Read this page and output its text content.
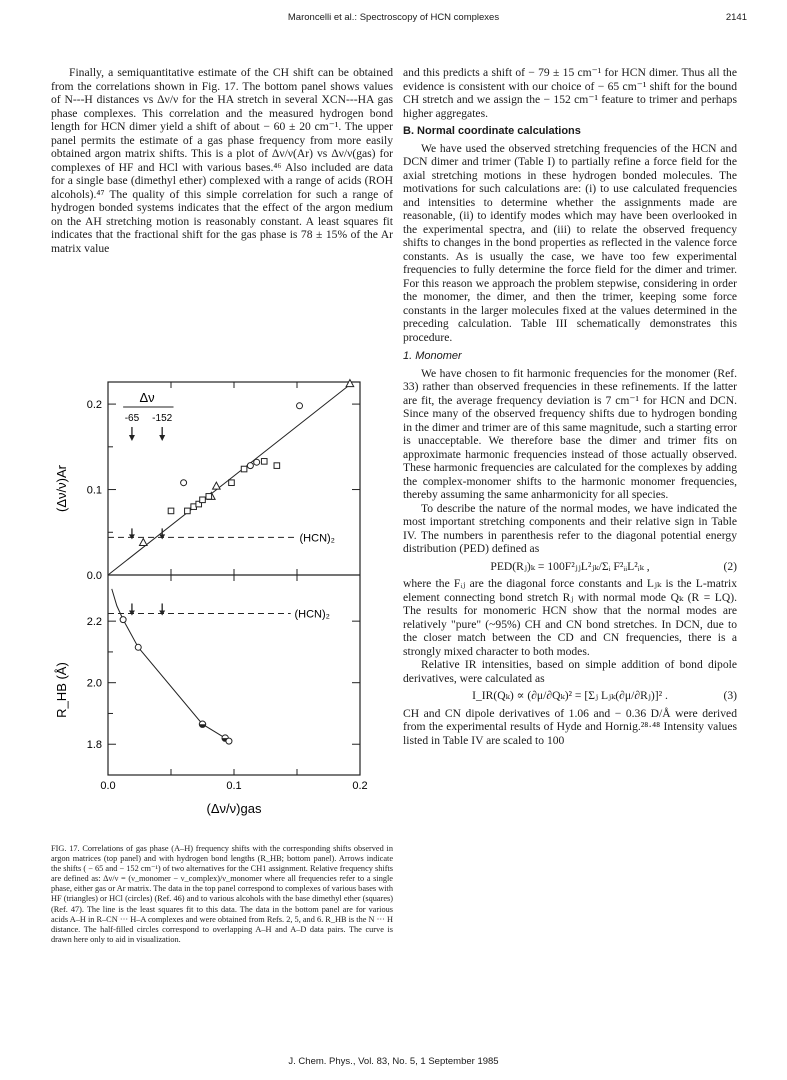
Maroncelli et al.: Spectroscopy of HCN complexes	2141

Finally, a semiquantitative estimate of the CH shift can be obtained from the correlations shown in Fig. 17. The bottom panel shows values of N---H distances vs Δν/ν for the HA stretch in several XCN---HA gas phase complexes. This correlation and the measured hydrogen bond length for HCN dimer yield a shift of about − 60 ± 20 cm⁻¹. The upper panel permits the estimate of a gas phase frequency from more easily obtained argon matrix shifts. This is a plot of Δν/ν(Ar) vs Δν/ν(gas) for complexes of HF and HCl with various bases.⁴⁶ Also included are data for a single base (dimethyl ether) complexed with a range of acids (ROH alcohols).⁴⁷ The quality of this simple correlation for such a range of hydrogen bonded systems indicates that the effect of the argon medium on the AH stretching motion is reasonably constant. A least squares fit indicates that the fractional shift for the gas phase is 78 ± 15% of the Ar matrix value

0.0
0.1
0.2
1.8
2.0
2.2
0.0	0.1	0.2
(Δν/ν)Ar
R_HB (Å)
(Δν/ν)gas
Δν
-65 -152
(HCN)₂
(HCN)₂

FIG. 17. Correlations of gas phase (A–H) frequency shifts with the corresponding shifts observed in argon matrices (top panel) and with hydrogen bond lengths (R_HB; bottom panel). Arrows indicate the shifts ( − 65 and − 152 cm⁻¹) of two alternatives for the CH1 assignment. Relative frequency shifts are defined as: Δν/ν = (ν_monomer − ν_complex)/ν_monomer where all frequencies refer to a single phase, either gas or Ar matrix. The data in the top panel correspond to complexes of various bases with HF (triangles) or HCl (circles) (Ref. 46) and to various alcohols with the base dimethyl ether (squares) (Ref. 47). The line is the least squares fit to this data. The data in the bottom panel are for various acids A–H in R–CN ··· H–A complexes and were obtained from Refs. 2, 5, and 6. R_HB is the N ··· H distance. The half-filled circles correspond to overlapping A–H and A–D data pairs. The curve is drawn here only to aid in visualization.

and this predicts a shift of − 79 ± 15 cm⁻¹ for HCN dimer. Thus all the evidence is consistent with our choice of − 65 cm⁻¹ shift for the bound CH stretch and we assign the − 152 cm⁻¹ feature to trimer and perhaps higher aggregates.

B. Normal coordinate calculations

We have used the observed stretching frequencies of the HCN and DCN dimer and trimer (Table I) to partially refine a force field for the axial stretching motions in these hydrogen bonded molecules. The motivations for such calculations are: (i) to use calculated frequencies and intensities to determine whether the assignments made are reasonable, (ii) to identify modes which may have been overlooked in the experimental spectra, and (iii) to relate the observed frequency shifts to changes in the bond properties as reflected in the valence force constants. As is usually the case, we have too few experimental frequencies to fully determine the force field for the dimer and trimer. For this reason we approach the problem stepwise, considering in order the monomer, the dimer, and then the trimer, keeping some force constants in the larger molecules fixed at the values determined in the preceding calculation. Table III schematically demonstrates this procedure.

1. Monomer

We have chosen to fit harmonic frequencies for the monomer (Ref. 33) rather than observed frequencies in these refinements. If the latter are fit, the average frequency deviation is 7 cm⁻¹ for HCN and DCN. Since many of the observed frequency shifts due to hydrogen bonding in the dimer and trimer are of this same magnitude, such a starting error is unacceptable. We therefore base the dimer and trimer fits on approximate harmonic frequencies instead of those actually observed. These harmonic frequencies are calculated for the complexes by adding the complex-monomer shifts to the harmonic monomer frequencies, thereby assuming the same anharmonicity for all species.

To describe the nature of the normal modes, we have indicated the most important stretching components and their relative sign in Table IV. The numbers in parenthesis refer to the diagonal potential energy distribution (PED) defined as

PED(Rⱼ)ₖ = 100F²ⱼⱼL²ⱼₖ/Σᵢ F²ᵢᵢL²ᵢₖ ,	(2)

where the Fᵢⱼ are the diagonal force constants and Lⱼₖ is the L-matrix element connecting bond stretch Rⱼ with normal mode Qₖ (R = LQ). The results for monomeric HCN show that the normal modes are relatively "pure" (~95%) CH and CN bond stretches. In DCN, due to the closer match between the CD and CN frequencies, there is a strongly mixed character to both modes.

Relative IR intensities, based on simple addition of bond dipole derivatives, were calculated as

I_IR(Qₖ) ∝ (∂μ/∂Qₖ)² = [Σⱼ Lⱼₖ(∂μ/∂Rⱼ)]² .	(3)

CH and CN dipole derivatives of 1.06 and − 0.36 D/Å were derived from the experimental results of Hyde and Hornig.²⁸·⁴⁸ Intensity values listed in Table IV are scaled to 100

J. Chem. Phys., Vol. 83, No. 5, 1 September 1985
